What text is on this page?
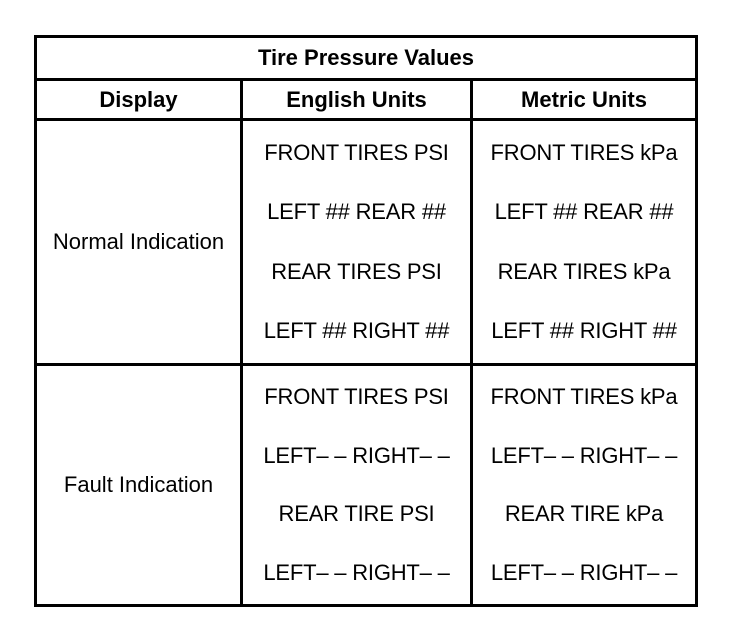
Tire Pressure Values
Display	English Units	Metric Units
Normal Indication
FRONT TIRES PSI
LEFT ## REAR ##
REAR TIRES PSI
LEFT ## RIGHT ##
FRONT TIRES kPa
LEFT ## REAR ##
REAR TIRES kPa
LEFT ## RIGHT ##
Fault Indication
FRONT TIRES PSI
LEFT– – RIGHT– –
REAR TIRE PSI
LEFT– – RIGHT– –
FRONT TIRES kPa
LEFT– – RIGHT– –
REAR TIRE kPa
LEFT– – RIGHT– –
